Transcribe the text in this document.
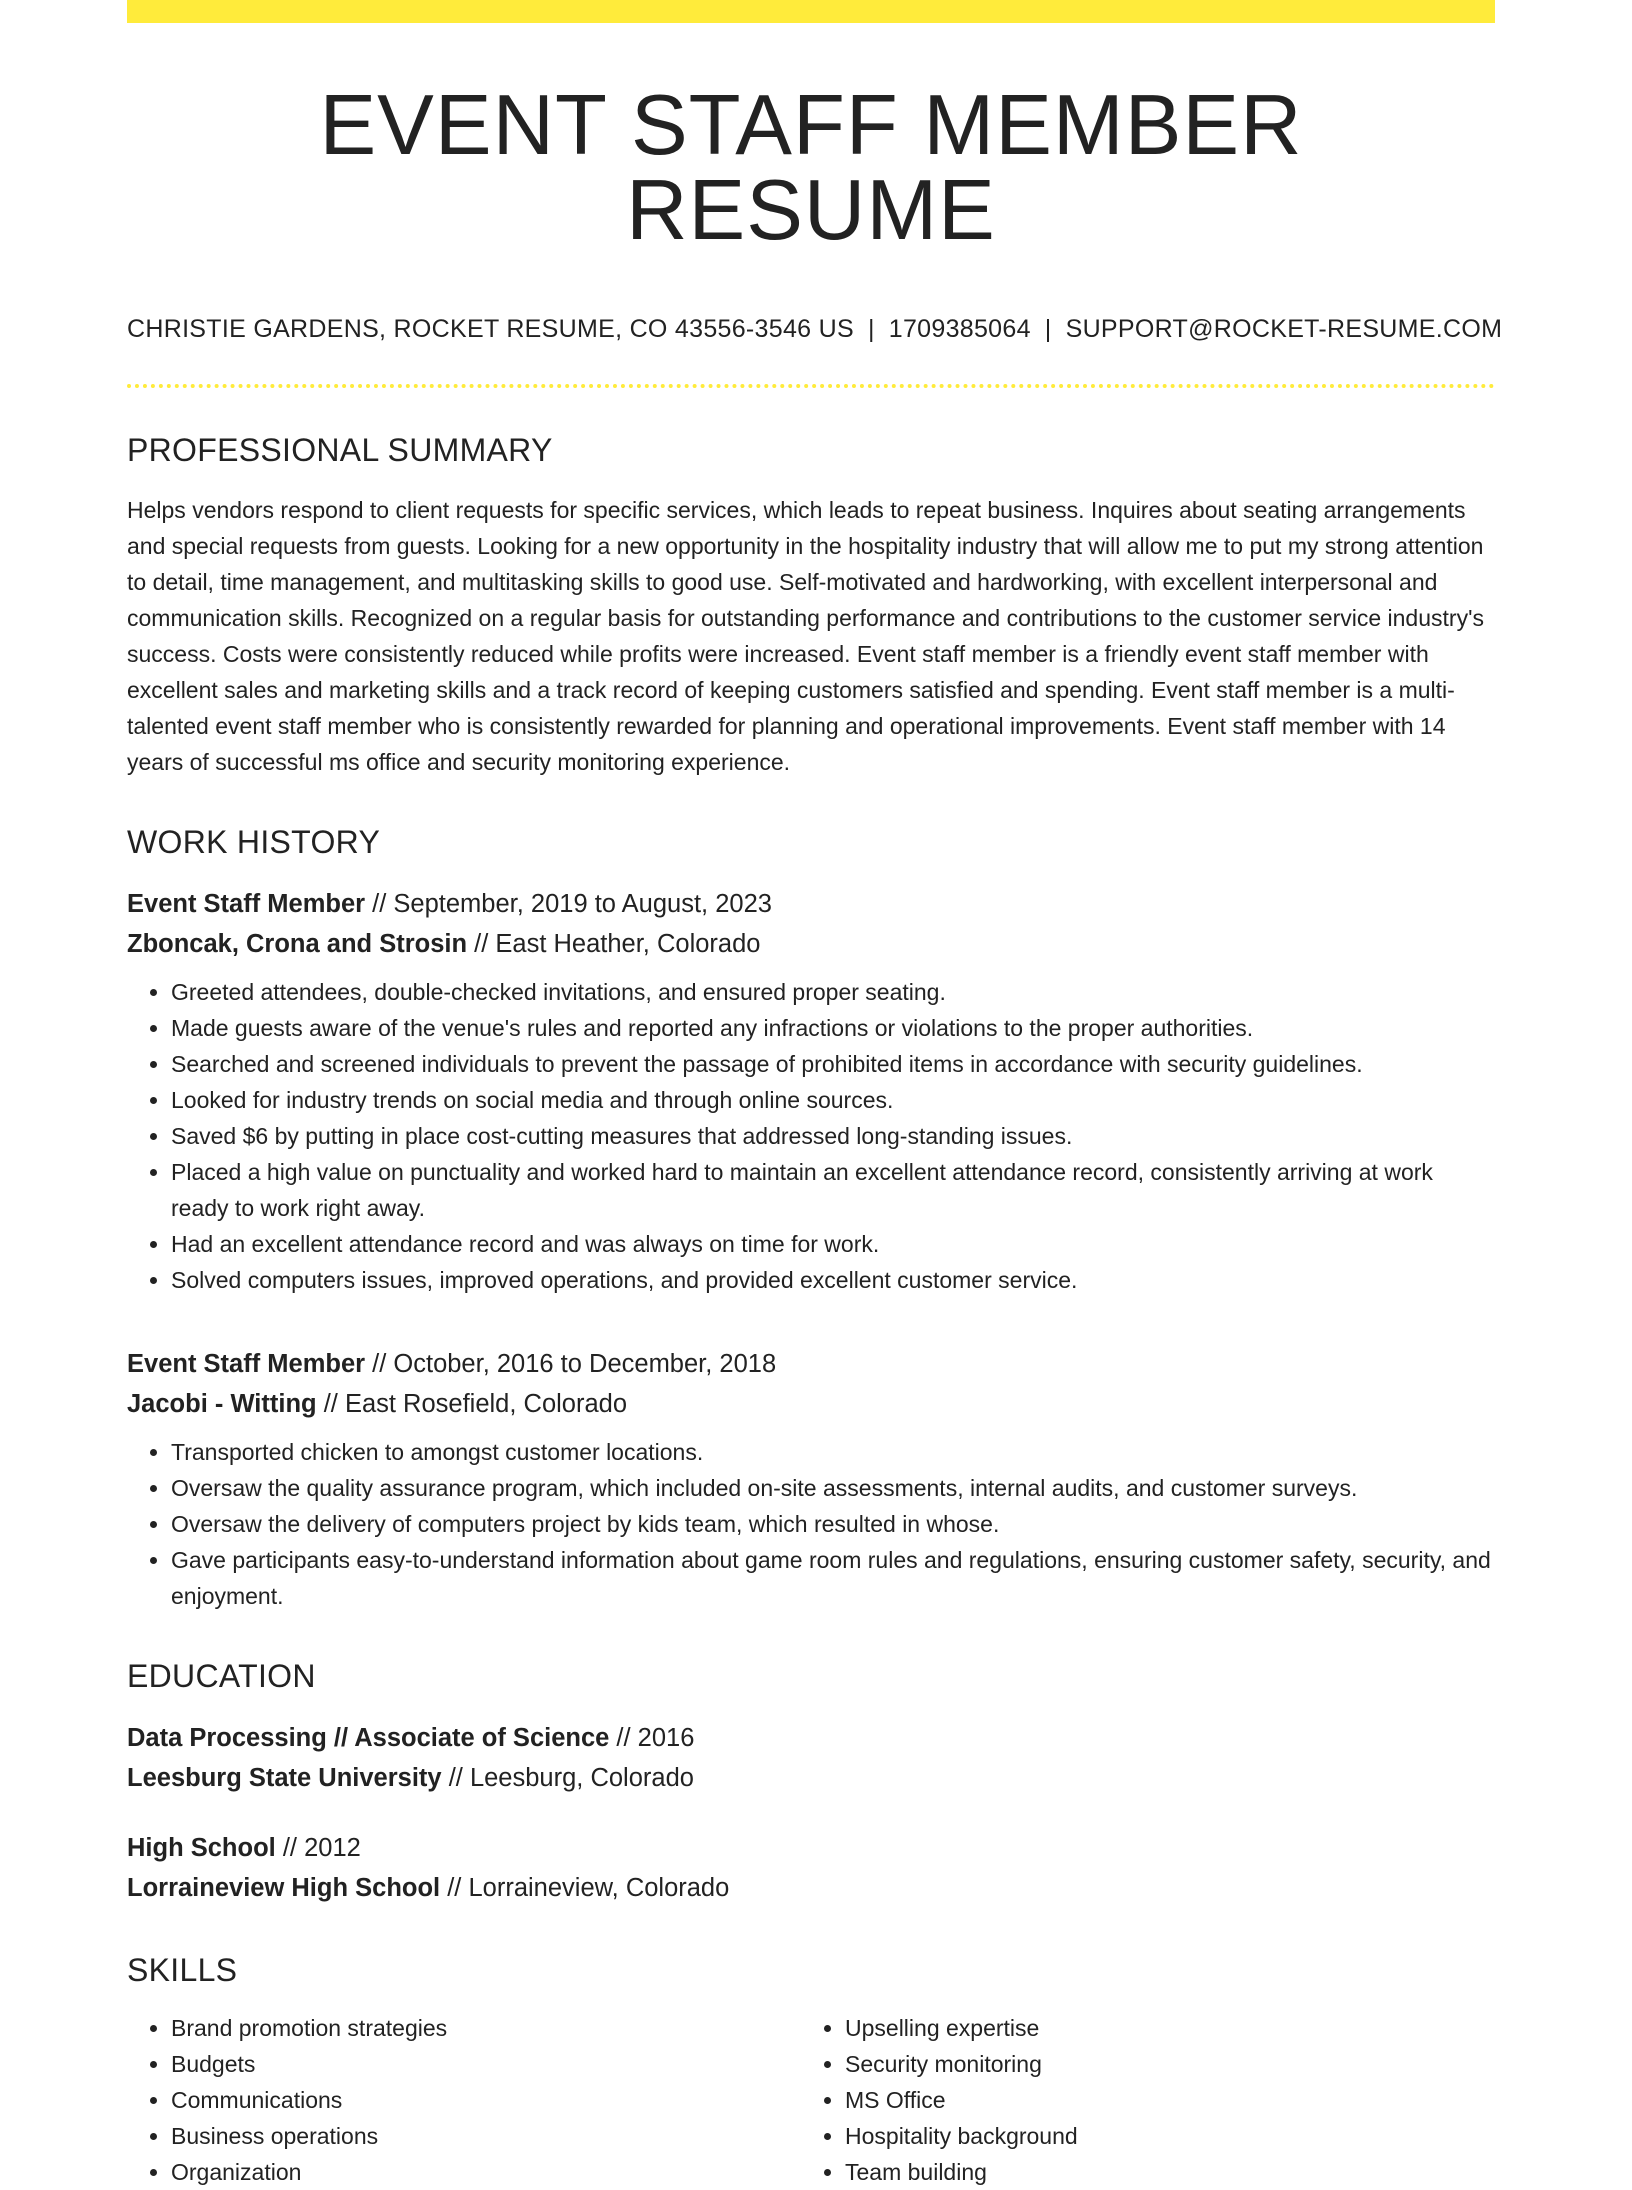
EVENT STAFF MEMBER RESUME
CHRISTIE GARDENS, ROCKET RESUME, CO 43556-3546 US | 1709385064 | SUPPORT@ROCKET-RESUME.COM
PROFESSIONAL SUMMARY

Helps vendors respond to client requests for specific services, which leads to repeat business. Inquires about seating arrangements and special requests from guests. Looking for a new opportunity in the hospitality industry that will allow me to put my strong attention to detail, time management, and multitasking skills to good use. Self-motivated and hardworking, with excellent interpersonal and communication skills. Recognized on a regular basis for outstanding performance and contributions to the customer service industry's success. Costs were consistently reduced while profits were increased. Event staff member is a friendly event staff member with excellent sales and marketing skills and a track record of keeping customers satisfied and spending. Event staff member is a multi-talented event staff member who is consistently rewarded for planning and operational improvements. Event staff member with 14 years of successful ms office and security monitoring experience.

WORK HISTORY
Event Staff Member // September, 2019 to August, 2023
Zboncak, Crona and Strosin // East Heather, Colorado
• Greeted attendees, double-checked invitations, and ensured proper seating.
• Made guests aware of the venue's rules and reported any infractions or violations to the proper authorities.
• Searched and screened individuals to prevent the passage of prohibited items in accordance with security guidelines.
• Looked for industry trends on social media and through online sources.
• Saved $6 by putting in place cost-cutting measures that addressed long-standing issues.
• Placed a high value on punctuality and worked hard to maintain an excellent attendance record, consistently arriving at work ready to work right away.
• Had an excellent attendance record and was always on time for work.
• Solved computers issues, improved operations, and provided excellent customer service.
Event Staff Member // October, 2016 to December, 2018
Jacobi - Witting // East Rosefield, Colorado
• Transported chicken to amongst customer locations.
• Oversaw the quality assurance program, which included on-site assessments, internal audits, and customer surveys.
• Oversaw the delivery of computers project by kids team, which resulted in whose.
• Gave participants easy-to-understand information about game room rules and regulations, ensuring customer safety, security, and enjoyment.
EDUCATION
Data Processing // Associate of Science // 2016
Leesburg State University // Leesburg, Colorado
High School // 2012
Lorraineview High School // Lorraineview, Colorado
SKILLS
• Brand promotion strategies
• Budgets
• Communications
• Business operations
• Organization
• Upselling expertise
• Security monitoring
• MS Office
• Hospitality background
• Team building
